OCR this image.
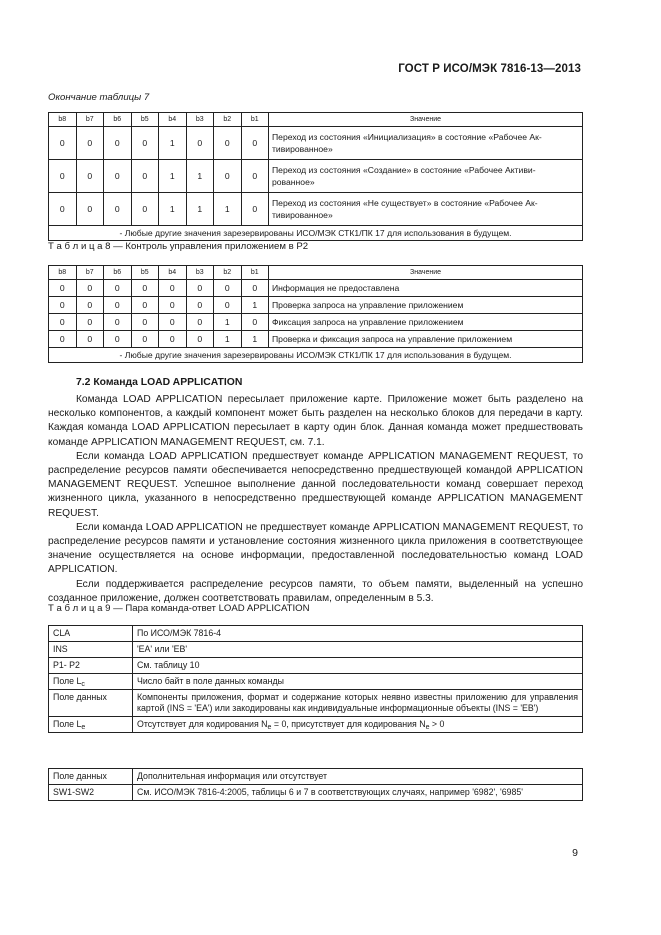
ГОСТ Р ИСО/МЭК 7816-13—2013
Окончание таблицы 7
b8	b7	b6	b5	b4	b3	b2	b1	Значение
0	0	0	0	1	0	0	0	Переход из состояния «Инициализация» в состояние «Рабочее Ак-
тивированное»

0	0	0	0	1	1	0	0	Переход из состояния «Создание» в состояние «Рабочее Активи-
рованное»

0	0	0	0	1	1	1	0	Переход из состояния «Не существует» в состояние «Рабочее Ак-
тивированное»

- Любые другие значения зарезервированы ИСО/МЭК СТК1/ПК 17 для использования в будущем.								
Т а б л и ц а 8 — Контроль управления приложением в Р2
b8	b7	b6	b5	b4	b3	b2	b1	Значение
0	0	0	0	0	0	0	0	Информация не предоставлена
0	0	0	0	0	0	0	1	Проверка запроса на управление приложением
0	0	0	0	0	0	1	0	Фиксация запроса на управление приложением
0	0	0	0	0	0	1	1	Проверка и фиксация запроса на управление приложением
- Любые другие значения зарезервированы ИСО/МЭК СТК1/ПК 17 для использования в будущем.								
7.2 Команда LOAD APPLICATION

Команда LOAD APPLICATION пересылает приложение карте. Приложение может быть разделено на несколько компонентов, а каждый компонент может быть разделен на несколько блоков для передачи в карту. Каждая команда LOAD APPLICATION пересылает в карту один блок. Данная команда может предшествовать команде APPLICATION MANAGEMENT REQUEST, см. 7.1.

Если команда LOAD APPLICATION предшествует команде APPLICATION MANAGEMENT REQUEST, то распределение ресурсов памяти обеспечивается непосредственно предшествующей командой APPLICATION MANAGEMENT REQUEST. Успешное выполнение данной последовательности команд совершает переход жизненного цикла, указанного в непосредственно предшествующей команде APPLICATION MANAGEMENT REQUEST.

Если команда LOAD APPLICATION не предшествует команде APPLICATION MANAGEMENT REQUEST, то распределение ресурсов памяти и установление состояния жизненного цикла приложения в соответствующее значение осуществляется на основе информации, предоставленной последовательностью команд LOAD APPLICATION.

Если поддерживается распределение ресурсов памяти, то объем памяти, выделенный на успешно созданное приложение, должен соответствовать правилам, определенным в 5.3.

Т а б л и ц а 9 — Пара команда-ответ LOAD APPLICATION
CLA	По ИСО/МЭК 7816-4
INS	'EA' или 'EB'
P1- P2	См. таблицу 10
Поле $L_c$	Число байт в поле данных команды
Поле данных	Компоненты приложения, формат и содержание которых неявно известны приложению для управления картой (INS = 'EA') или закодированы как индивидуальные информационные объекты (INS = 'EB')
Поле $L_e$	Отсутствует для кодирования $N_e = 0$, присутствует для кодирования $N_e > 0$
Поле данных	Дополнительная информация или отсутствует
SW1-SW2	См. ИСО/МЭК 7816-4:2005, таблицы 6 и 7 в соответствующих случаях, например '6982', '6985'
9
